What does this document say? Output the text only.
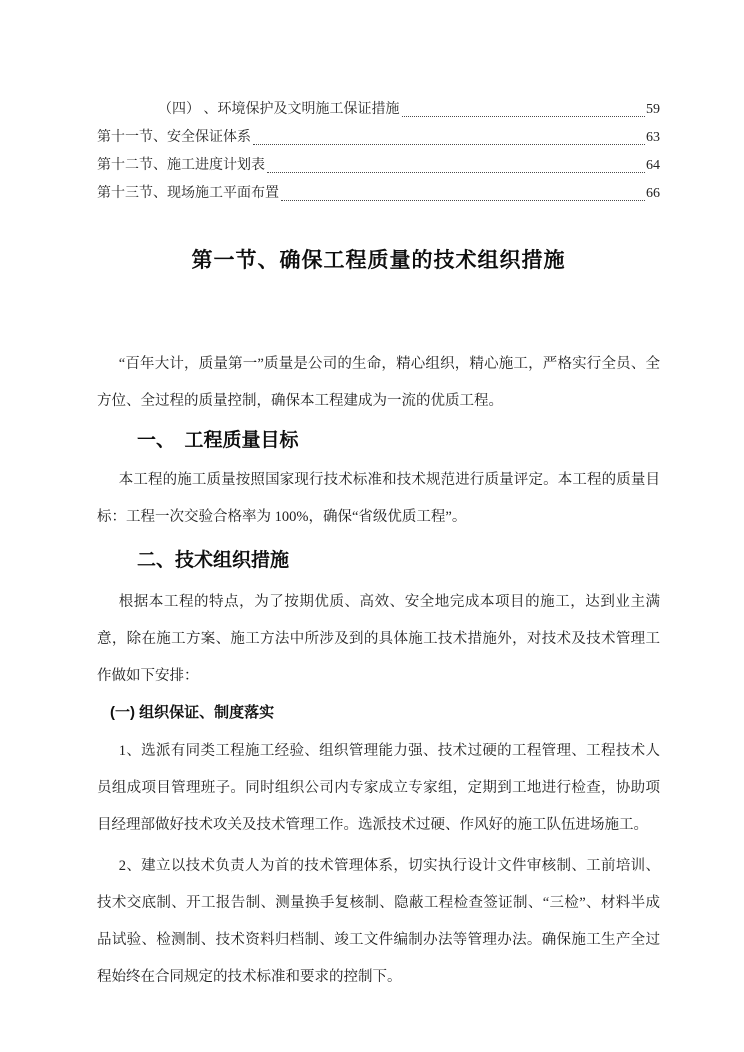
（四） 、环境保护及文明施工保证措施	59
第十一节、安全保证体系	63
第十二节、施工进度计划表	64
第十三节、现场施工平面布置	66
第一节、确保工程质量的技术组织措施

“百年大计，质量第一”质量是公司的生命，精心组织，精心施工，严格实行全员、全方位、全过程的质量控制，确保本工程建成为一流的优质工程。

一、　工程质量目标

本工程的施工质量按照国家现行技术标准和技术规范进行质量评定。本工程的质量目标：工程一次交验合格率为 100%，确保“省级优质工程”。

二、技术组织措施

根据本工程的特点，为了按期优质、高效、安全地完成本项目的施工，达到业主满意，除在施工方案、施工方法中所涉及到的具体施工技术措施外，对技术及技术管理工作做如下安排：

(一) 组织保证、制度落实

1、选派有同类工程施工经验、组织管理能力强、技术过硬的工程管理、工程技术人员组成项目管理班子。同时组织公司内专家成立专家组，定期到工地进行检查，协助项目经理部做好技术攻关及技术管理工作。选派技术过硬、作风好的施工队伍进场施工。

2、建立以技术负责人为首的技术管理体系，切实执行设计文件审核制、工前培训、技术交底制、开工报告制、测量换手复核制、隐蔽工程检查签证制、“三检”、材料半成品试验、检测制、技术资料归档制、竣工文件编制办法等管理办法。确保施工生产全过程始终在合同规定的技术标准和要求的控制下。
